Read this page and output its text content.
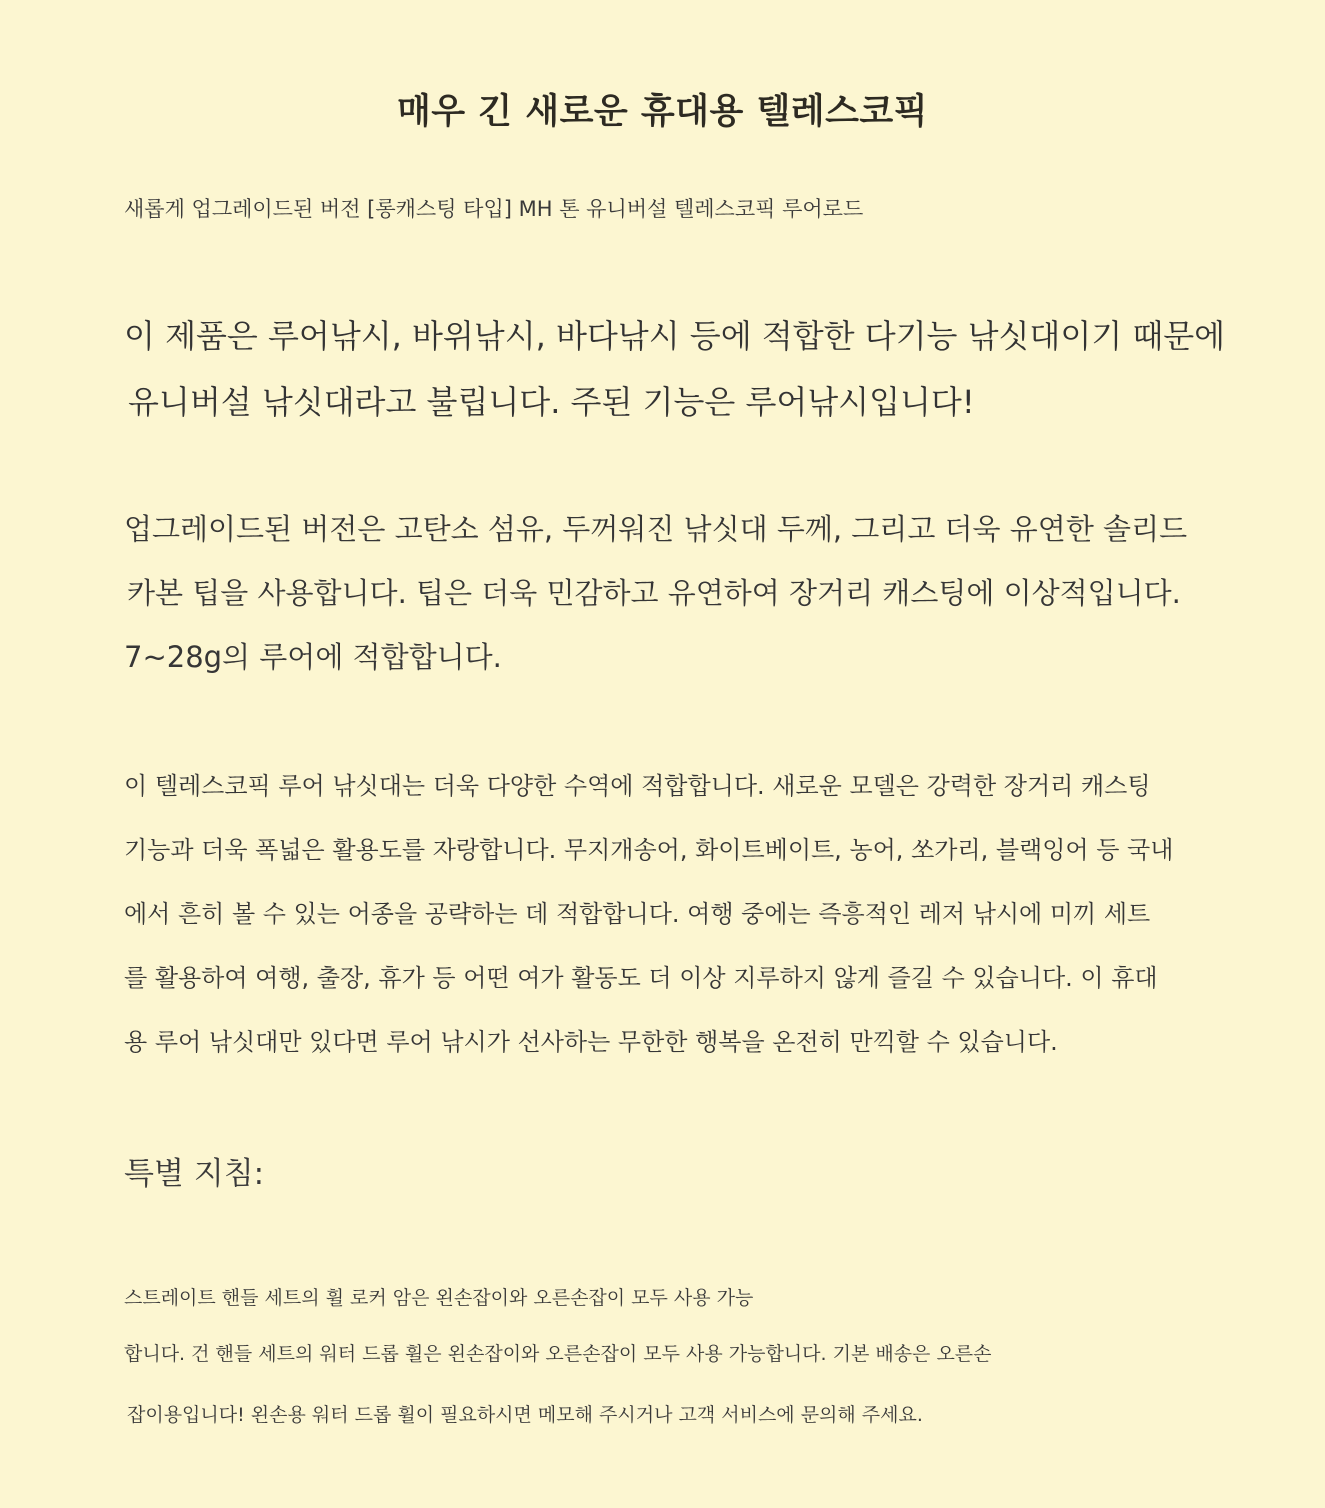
매우 긴 새로운 휴대용 텔레스코픽
새롭게 업그레이드된 버전 [롱캐스팅 타입] MH 톤 유니버설 텔레스코픽 루어로드

이 제품은 루어낚시, 바위낚시, 바다낚시 등에 적합한 다기능 낚싯대이기 때문에

유니버설 낚싯대라고 불립니다. 주된 기능은 루어낚시입니다!

업그레이드된 버전은 고탄소 섬유, 두꺼워진 낚싯대 두께, 그리고 더욱 유연한 솔리드

카본 팁을 사용합니다. 팁은 더욱 민감하고 유연하여 장거리 캐스팅에 이상적입니다.

7~28g의 루어에 적합합니다.

이 텔레스코픽 루어 낚싯대는 더욱 다양한 수역에 적합합니다. 새로운 모델은 강력한 장거리 캐스팅

기능과 더욱 폭넓은 활용도를 자랑합니다. 무지개송어, 화이트베이트, 농어, 쏘가리, 블랙잉어 등 국내

에서 흔히 볼 수 있는 어종을 공략하는 데 적합합니다. 여행 중에는 즉흥적인 레저 낚시에 미끼 세트

를 활용하여 여행, 출장, 휴가 등 어떤 여가 활동도 더 이상 지루하지 않게 즐길 수 있습니다. 이 휴대

용 루어 낚싯대만 있다면 루어 낚시가 선사하는 무한한 행복을 온전히 만끽할 수 있습니다.

특별 지침:

스트레이트 핸들 세트의 휠 로커 암은 왼손잡이와 오른손잡이 모두 사용 가능

합니다. 건 핸들 세트의 워터 드롭 휠은 왼손잡이와 오른손잡이 모두 사용 가능합니다. 기본 배송은 오른손

잡이용입니다! 왼손용 워터 드롭 휠이 필요하시면 메모해 주시거나 고객 서비스에 문의해 주세요.
